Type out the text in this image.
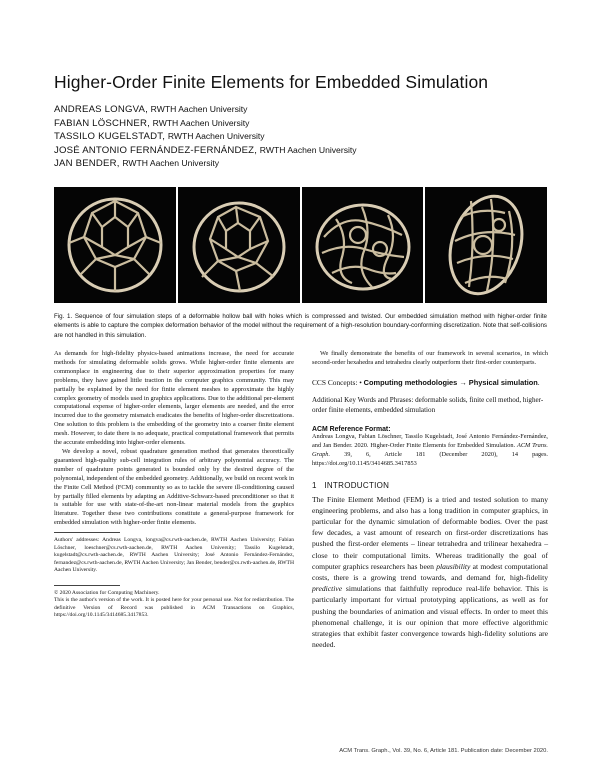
Higher-Order Finite Elements for Embedded Simulation
ANDREAS LONGVA, RWTH Aachen University
FABIAN LÖSCHNER, RWTH Aachen University
TASSILO KUGELSTADT, RWTH Aachen University
JOSÉ ANTONIO FERNÁNDEZ-FERNÁNDEZ, RWTH Aachen University
JAN BENDER, RWTH Aachen University
Fig. 1. Sequence of four simulation steps of a deformable hollow ball with holes which is compressed and twisted. Our embedded simulation method with higher-order finite elements is able to capture the complex deformation behavior of the model without the requirement of a high-resolution boundary-conforming discretization. Note that self-collisions are not handled in this simulation.

As demands for high-fidelity physics-based animations increase, the need for accurate methods for simulating deformable solids grows. While higher-order finite elements are commonplace in engineering due to their superior approximation properties for many problems, they have gained little traction in the computer graphics community. This may partially be explained by the need for finite element meshes to approximate the highly complex geometry of models used in graphics applications. Due to the additional per-element computational expense of higher-order elements, larger elements are needed, and the error incurred due to the geometry mismatch eradicates the benefits of higher-order discretizations. One solution to this problem is the embedding of the geometry into a coarser finite element mesh. However, to date there is no adequate, practical computational framework that permits the accurate embedding into higher-order elements.

We develop a novel, robust quadrature generation method that generates theoretically guaranteed high-quality sub-cell integration rules of arbitrary polynomial accuracy. The number of quadrature points generated is bounded only by the desired degree of the polynomial, independent of the embedded geometry. Additionally, we build on recent work in the Finite Cell Method (FCM) community so as to tackle the severe ill-conditioning caused by partially filled elements by adapting an Additive-Schwarz-based preconditioner so that it is suitable for use with state-of-the-art non-linear material models from the graphics literature. Together these two contributions constitute a general-purpose framework for embedded simulation with higher-order finite elements.

Authors' addresses: Andreas Longva, longva@cs.rwth-aachen.de, RWTH Aachen University; Fabian Löschner, loeschner@cs.rwth-aachen.de, RWTH Aachen University; Tassilo Kugelstadt, kugelstadt@cs.rwth-aachen.de, RWTH Aachen University; José Antonio Fernández-Fernández, fernandez@cs.rwth-aachen.de, RWTH Aachen University; Jan Bender, bender@cs.rwth-aachen.de, RWTH Aachen University.
© 2020 Association for Computing Machinery.
This is the author's version of the work. It is posted here for your personal use. Not for redistribution. The definitive Version of Record was published in ACM Transactions on Graphics, https://doi.org/10.1145/3414685.3417853.

We finally demonstrate the benefits of our framework in several scenarios, in which second-order hexahedra and tetrahedra clearly outperform their first-order counterparts.

CCS Concepts: • Computing methodologies → Physical simulation.
Additional Key Words and Phrases: deformable solids, finite cell method, higher-order finite elements, embedded simulation
ACM Reference Format:
Andreas Longva, Fabian Löschner, Tassilo Kugelstadt, José Antonio Fernández-Fernández, and Jan Bender. 2020. Higher-Order Finite Elements for Embedded Simulation. ACM Trans. Graph. 39, 6, Article 181 (December 2020), 14 pages. https://doi.org/10.1145/3414685.3417853
1 INTRODUCTION
The Finite Element Method (FEM) is a tried and tested solution to many engineering problems, and also has a long tradition in computer graphics, in particular for the dynamic simulation of deformable bodies. Over the past few decades, a vast amount of research on first-order discretizations has pushed the first-order elements – linear tetrahedra and trilinear hexahedra – close to their computational limits. Whereas traditionally the goal of computer graphics researchers has been plausibility at modest computational costs, there is a growing trend towards, and demand for, high-fidelity predictive simulations that faithfully reproduce real-life behavior. This is particularly important for virtual prototyping applications, as well as for pushing the boundaries of animation and visual effects. In order to meet this phenomenal challenge, it is our opinion that more effective algorithmic strategies that exhibit faster convergence towards high-fidelity solutions are needed.
ACM Trans. Graph., Vol. 39, No. 6, Article 181. Publication date: December 2020.
